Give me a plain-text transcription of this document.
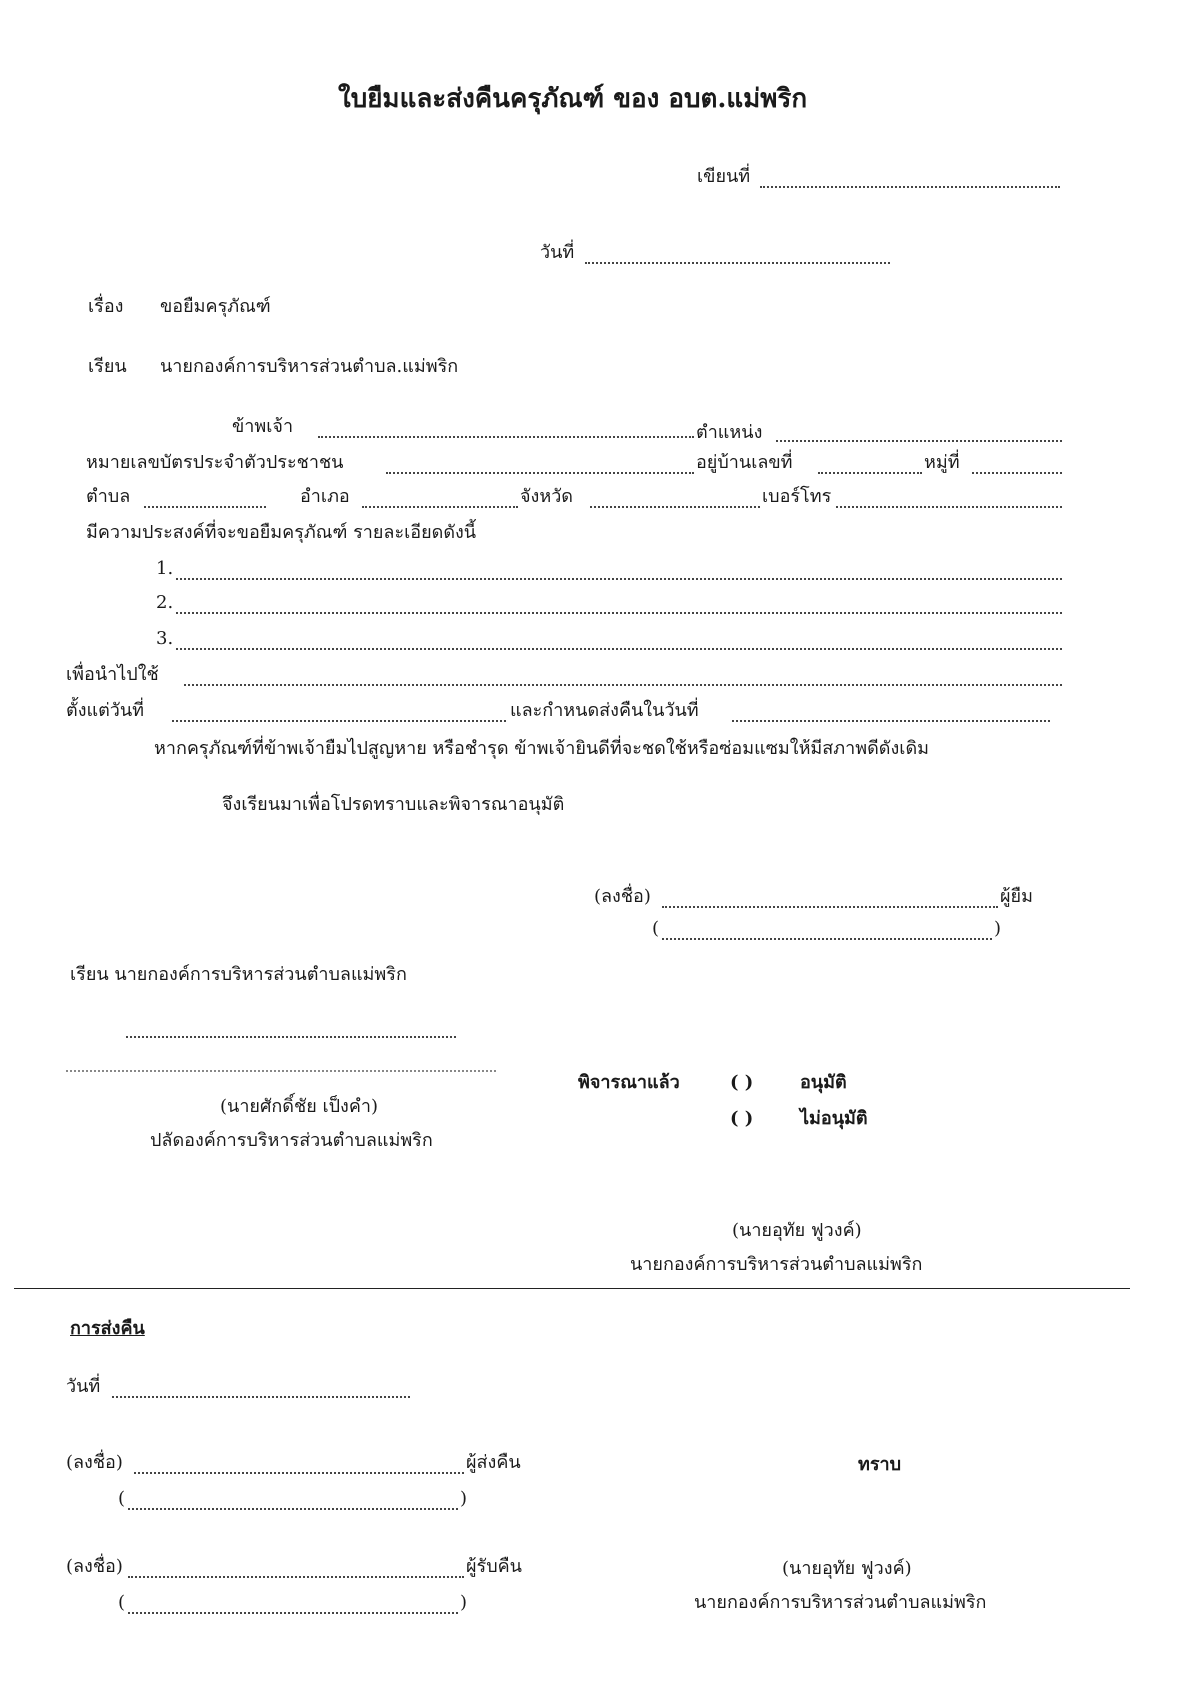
ใบยืมและส่งคืนครุภัณฑ์ ของ อบต.แม่พริก
เขียนที่
วันที่
เรื่อง ขอยืมครุภัณฑ์
เรียน นายกองค์การบริหารส่วนตำบล.แม่พริก
ข้าพเจ้า	ตำแหน่ง
หมายเลขบัตรประจำตัวประชาชน	อยู่บ้านเลขที่	หมู่ที่
ตำบล	อำเภอ	จังหวัด	เบอร์โทร
มีความประสงค์ที่จะขอยืมครุภัณฑ์ รายละเอียดดังนี้
1.
2.
3.
เพื่อนำไปใช้
ตั้งแต่วันที่	และกำหนดส่งคืนในวันที่
หากครุภัณฑ์ที่ข้าพเจ้ายืมไปสูญหาย หรือชำรุด ข้าพเจ้ายินดีที่จะชดใช้หรือซ่อมแซมให้มีสภาพดีดังเดิม
จึงเรียนมาเพื่อโปรดทราบและพิจารณาอนุมัติ
(ลงชื่อ)	ผู้ยืม
(	)
เรียน นายกองค์การบริหารส่วนตำบลแม่พริก
(นายศักดิ์ชัย เป็งคำ)
ปลัดองค์การบริหารส่วนตำบลแม่พริก
พิจารณาแล้ว	( )	อนุมัติ
( )	ไม่อนุมัติ
(นายอุทัย ฟูวงค์)
นายกองค์การบริหารส่วนตำบลแม่พริก
การส่งคืน
วันที่
(ลงชื่อ)	ผู้ส่งคืน
(	)
(ลงชื่อ)	ผู้รับคืน
(	)
ทราบ
(นายอุทัย ฟูวงค์)
นายกองค์การบริหารส่วนตำบลแม่พริก
